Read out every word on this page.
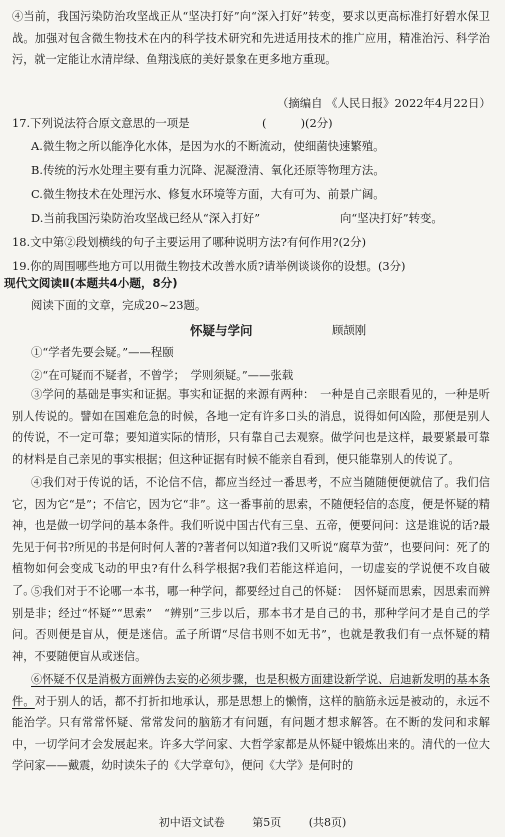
④当前，我国污染防治攻坚战正从“坚决打好”向“深入打好”转变，要求以更高标准打好碧水保卫战。加强对包含微生物技术在内的科学技术研究和先进适用技术的推广应用，精准治污、科学治污，就一定能让水清岸绿、鱼翔浅底的美好景象在更多地方重现。
（摘编自 《人民日报》2022年4月22日）
17.下列说法符合原文意思的一项是	(　　　)(2分)
A.微生物之所以能净化水体，是因为水的不断流动，使细菌快速繁殖。
B.传统的污水处理主要有重力沉降、泥凝澄清、氧化还原等物理方法。
C.微生物技术在处理污水、修复水环境等方面，大有可为、前景广阔。
D.当前我国污染防治攻坚战已经从“深入打好”	向“坚决打好”转变。
18.文中第②段划横线的句子主要运用了哪种说明方法?有何作用?(2分)
19.你的周围哪些地方可以用微生物技术改善水质?请举例谈谈你的设想。(3分)
现代文阅读Ⅱ(本题共4小题，8分)
阅读下面的文章，完成20~23题。
怀疑与学问	顾颉刚
①“学者先要会疑。”——程颐
②“在可疑而不疑者，不曾学；　学则须疑。”——张载
③学问的基础是事实和证据。事实和证据的来源有两种：　一种是自己亲眼看见的，一种是听别人传说的。譬如在国难危急的时候，各地一定有许多口头的消息，说得如何凶险，那便是别人的传说，不一定可靠；要知道实际的情形，只有靠自己去观察。做学问也是这样，最要紧最可靠的材料是自己亲见的事实根据；但这种证据有时候不能亲自看到，便只能靠别人的传说了。
④我们对于传说的话，不论信不信，都应当经过一番思考，不应当随随便便就信了。我们信它，因为它“是”；不信它，因为它“非”。这一番事前的思索，不随便轻信的态度，便是怀疑的精神，也是做一切学问的基本条件。我们听说中国古代有三皇、五帝，便要问问：这是谁说的话?最先见于何书?所见的书是何时何人著的?著者何以知道?我们又听说“腐草为萤”，也要问问：死了的植物如何会变成飞动的甲虫?有什么科学根据?我们若能这样追问，一切虚妄的学说便不攻自破了。
⑤我们对于不论哪一本书，哪一种学问，都要经过自己的怀疑：　因怀疑而思索，因思索而辨别是非；经过“怀疑”“思索”　“辨别”三步以后，那本书才是自己的书，那种学问才是自己的学问。否则便是盲从，便是迷信。孟子所谓“尽信书则不如无书”，也就是教我们有一点怀疑的精神，不要随便盲从或迷信。
⑥怀疑不仅是消极方面辨伪去妄的必须步骤，也是积极方面建设新学说、启迪新发明的基本条件。对于别人的话，都不打折扣地承认，那是思想上的懒惰，这样的脑筋永远是被动的，永远不能治学。只有常常怀疑、常常发问的脑筋才有问题，有问题才想求解答。在不断的发问和求解中，一切学问才会发展起来。许多大学问家、大哲学家都是从怀疑中锻炼出来的。清代的一位大学问家——戴震，幼时读朱子的《大学章句》，便问《大学》是何时的
初中语文试卷	第5页	(共8页)
